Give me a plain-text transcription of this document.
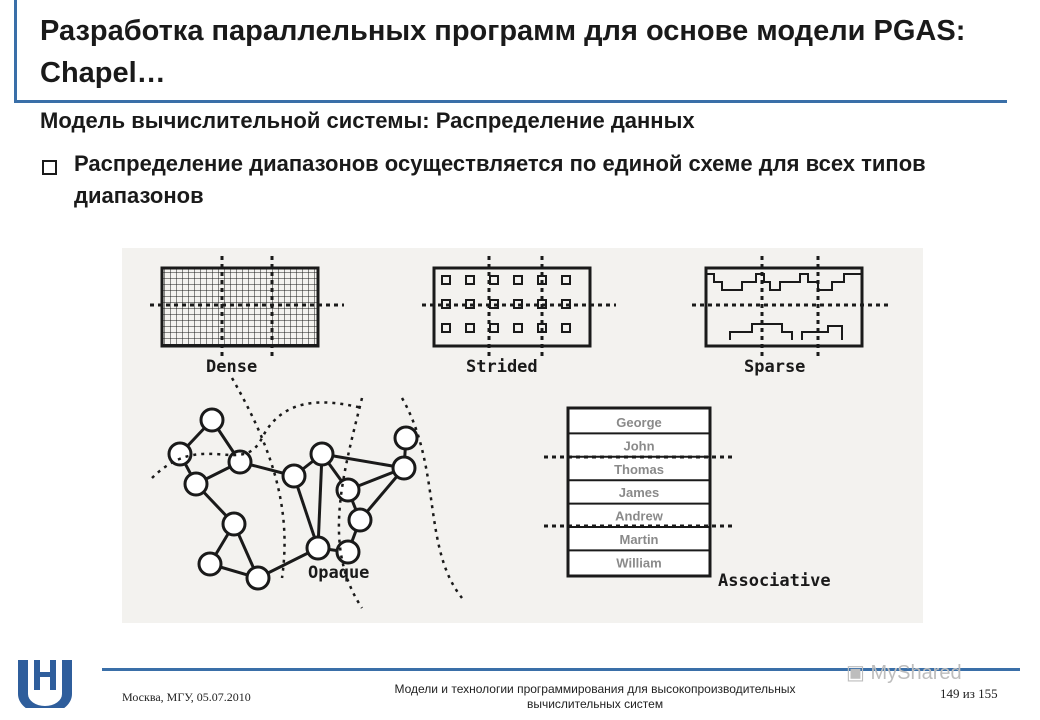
Разработка параллельных программ для основе модели PGAS: Chapel…
Модель вычислительной системы: Распределение данных
Распределение диапазонов осуществляется по единой схеме для всех типов диапазонов
Dense	Strided	Sparse
Opaque
George
John
Thomas
James
Andrew
Martin
William
Associative
Москва, МГУ, 05.07.2010
Модели и технологии программирования для высокопроизводительных вычислительных систем
149 из 155
▣ MyShared
